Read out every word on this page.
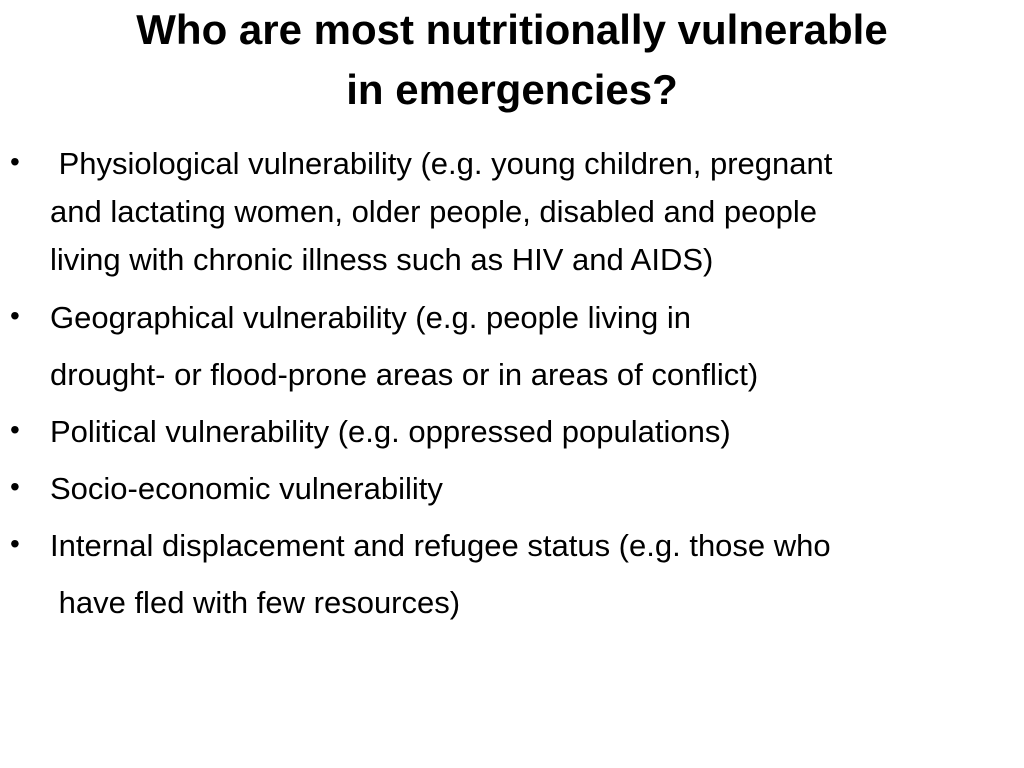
Who are most nutritionally vulnerable
in emergencies?
• Physiological vulnerability (e.g. young children, pregnant
and lactating women, older people, disabled and people
living with chronic illness such as HIV and AIDS)
• Geographical vulnerability (e.g. people living in
drought- or flood-prone areas or in areas of conflict)
• Political vulnerability (e.g. oppressed populations)
• Socio-economic vulnerability
• Internal displacement and refugee status (e.g. those who
have fled with few resources)
